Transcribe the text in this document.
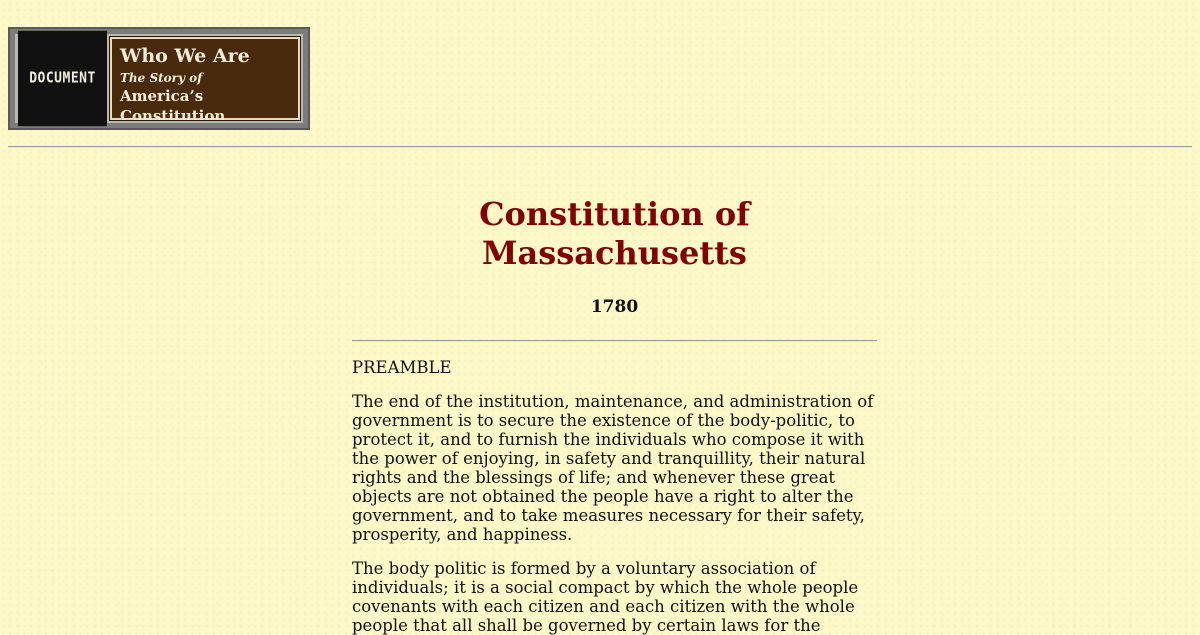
DOCUMENT
Who We Are
The Story of
America’s Constitution
Constitution of Massachusetts
1780

PREAMBLE

The end of the institution, maintenance, and administration of government is to secure the existence of the body-politic, to protect it, and to furnish the individuals who compose it with the power of enjoying, in safety and tranquillity, their natural rights and the blessings of life; and whenever these great objects are not obtained the people have a right to alter the government, and to take measures necessary for their safety, prosperity, and happiness.

The body politic is formed by a voluntary association of individuals; it is a social compact by which the whole people covenants with each citizen and each citizen with the whole people that all shall be governed by certain laws for the
